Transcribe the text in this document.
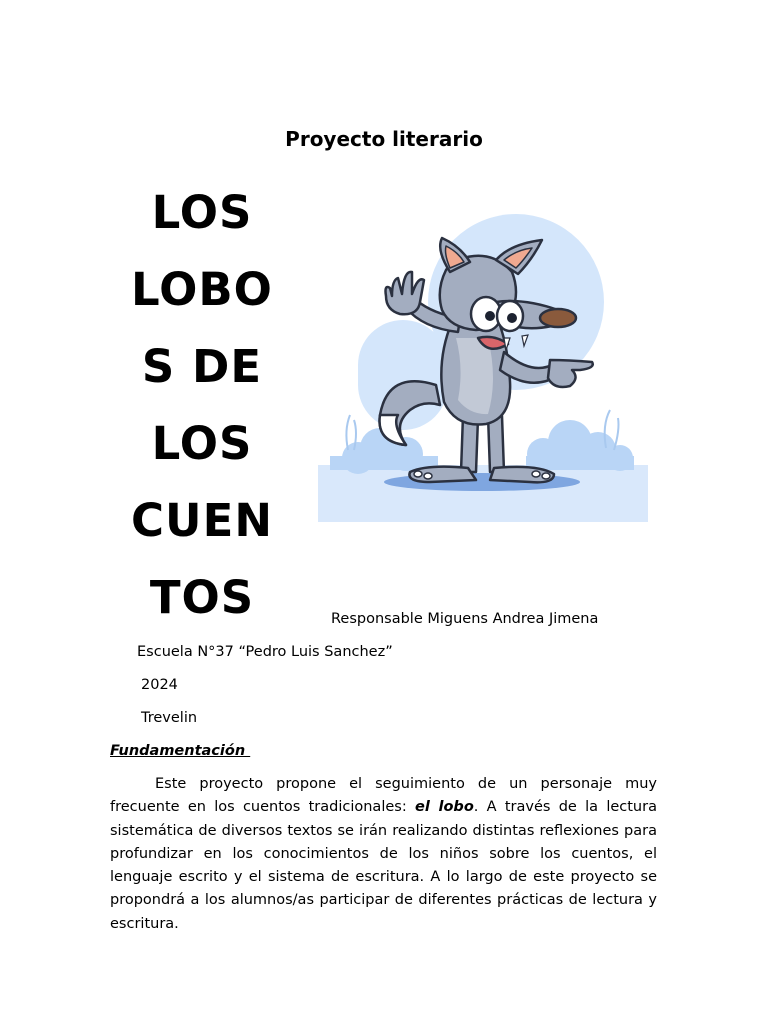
Proyecto literario
LOS
LOBO
S DE
LOS
CUEN
TOS	Responsable Miguens Andrea Jimena
Escuela N°37 “Pedro Luis Sanchez”
2024
Trevelin
Fundamentación
Este proyecto propone el seguimiento de un personaje muy frecuente en los cuentos tradicionales: el lobo. A través de la lectura sistemática de diversos textos se irán realizando distintas reflexiones para profundizar en los conocimientos de los niños sobre los cuentos, el lenguaje escrito y el sistema de escritura. A lo largo de este proyecto se propondrá a los alumnos/as participar de diferentes prácticas de lectura y escritura.
